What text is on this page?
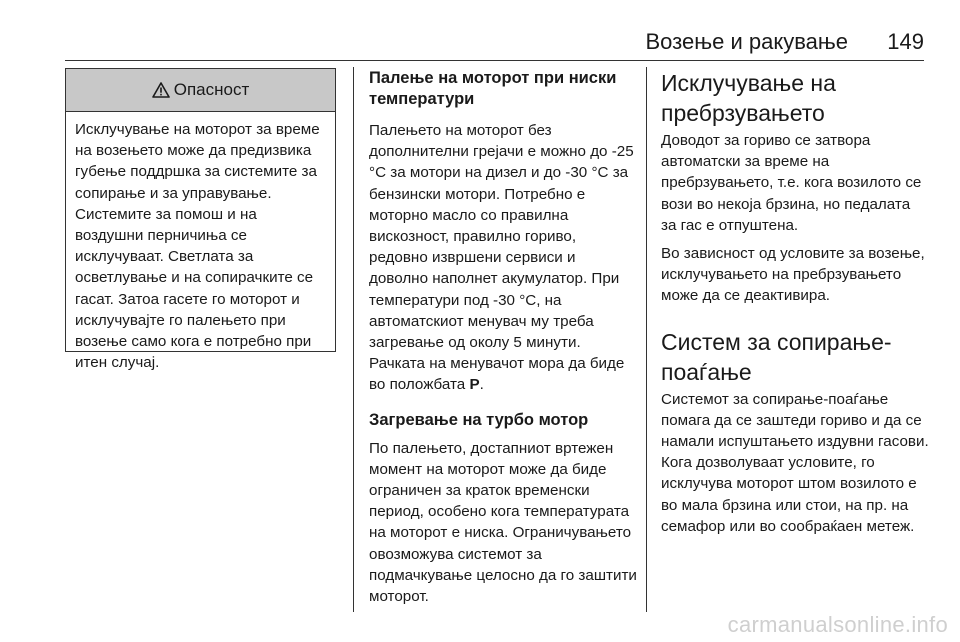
Возење и ракување 149
Опасност
Исклучување на моторот за време на возењето може да предизвика губење поддршка за системите за сопирање и за управување. Системите за помош и на воздушни перничиња се исклучуваат. Светлата за осветлување и на сопирачките се гасат. Затоа гасете го моторот и исклучувајте го палењето при возење само кога е потребно при итен случај.
Палење на моторот при ниски температури

Палењето на моторот без дополнителни грејачи е можно до -25 °C за мотори на дизел и до -30 °C за бензински мотори. Потребно е моторно масло со правилна вискозност, правилно гориво, редовно извршени сервиси и доволно наполнет акумулатор. При температури под -30 °C, на автоматскиот менувач му треба загревање од околу 5 минути. Рачката на менувачот мора да биде во положбата P.

Загревање на турбо мотор

По палењето, достапниот вртежен момент на моторот може да биде ограничен за краток временски период, особено кога температурата на моторот е ниска. Ограничувањето овозможува системот за подмачкување целосно да го заштити моторот.

Исклучување на пребрзувањето

Доводот за гориво се затвора автоматски за време на пребрзувањето, т.е. кога возилото се вози во некоја брзина, но педалата за гас е отпуштена.

Во зависност од условите за возење, исклучувањето на пребрзувањето може да се деактивира.

Систем за сопирање-поаѓање

Системот за сопирање-поаѓање помага да се заштеди гориво и да се намали испуштањето издувни гасови. Кога дозволуваат условите, го исклучува моторот штом возилото е во мала брзина или стои, на пр. на семафор или во сообраќаен метеж.

carmanualsonline.info
